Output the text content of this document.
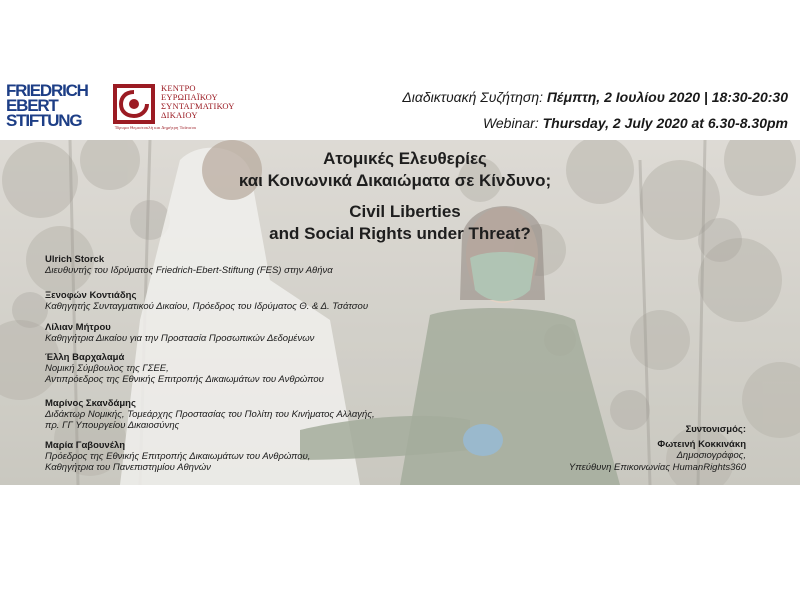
FRIEDRICH
EBERT
STIFTUNG
ΚΕΝΤΡΟ
ΕΥΡΩΠΑΪΚΟΥ
ΣΥΝΤΑΓΜΑΤΙΚΟΥ
ΔΙΚΑΙΟΥ
Ίδρυμα Θεμιστοκλή και Δημήτρη Τσάτσου
Διαδικτυακή Συζήτηση: Πέμπτη, 2 Ιουλίου 2020 | 18:30-20:30
Webinar: Thursday, 2 July 2020 at 6.30-8.30pm
Ατομικές Ελευθερίες
και Κοινωνικά Δικαιώματα σε Κίνδυνο;
Civil Liberties
and Social Rights under Threat?
Ulrich Storck
Διευθυντής του Ιδρύματος Friedrich-Ebert-Stiftung (FES) στην Αθήνα
Ξενοφών Κοντιάδης
Καθηγητής Συνταγματικού Δικαίου, Πρόεδρος του Ιδρύματος Θ. & Δ. Τσάτσου
Λίλιαν Μήτρου
Καθηγήτρια Δικαίου για την Προστασία Προσωπικών Δεδομένων
Έλλη Βαρχαλαμά
Νομική Σύμβουλος της ΓΣΕΕ,
Αντιπρόεδρος της Εθνικής Επιτροπής Δικαιωμάτων του Ανθρώπου
Μαρίνος Σκανδάμης
Διδάκτωρ Νομικής, Τομεάρχης Προστασίας του Πολίτη του Κινήματος Αλλαγής,
πρ. ΓΓ Υπουργείου Δικαιοσύνης
Μαρία Γαβουνέλη
Πρόεδρος της Εθνικής Επιτροπής Δικαιωμάτων του Ανθρώπου,
Καθηγήτρια του Πανεπιστημίου Αθηνών
Συντονισμός:
Φωτεινή Κοκκινάκη
Δημοσιογράφος,
Υπεύθυνη Επικοινωνίας HumanRights360
